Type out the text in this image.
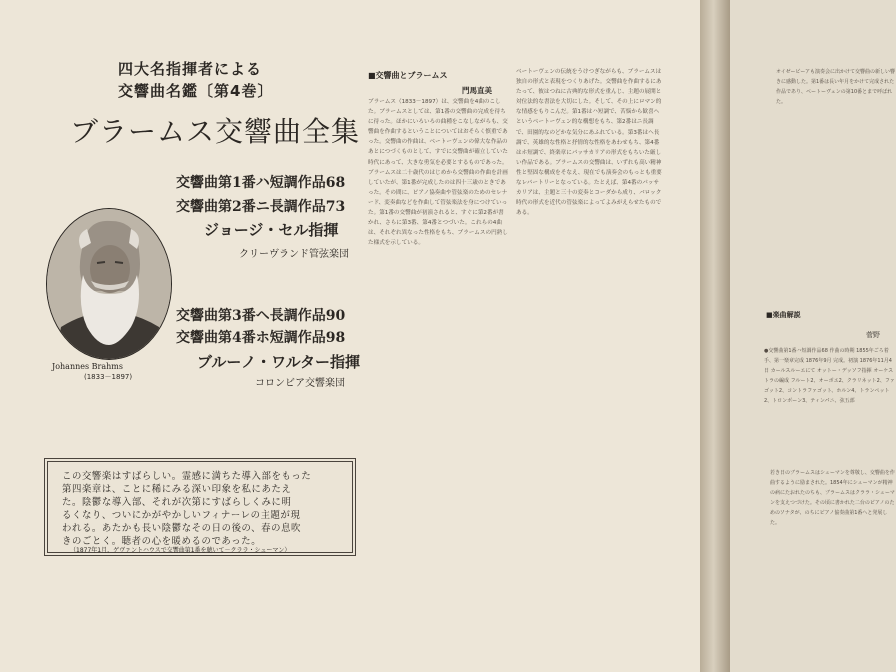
四大名指揮者による
交響曲名鑑〔第4巻〕
ブラームス交響曲全集
交響曲第1番ハ短調作品68
交響曲第2番ニ長調作品73
ジョージ・セル指揮
クリーヴランド管弦楽団
Johannes Brahms
(1833－1897)
交響曲第3番ヘ長調作品90
交響曲第4番ホ短調作品98
ブルーノ・ワルター指揮
コロンビア交響楽団
この交響楽はすばらしい。霊感に満ちた導入部をもった
第四楽章は、ことに稀にみる深い印象を私にあたえ
た。陰鬱な導入部、それが次第にすばらしくみに明
るくなり、ついにかがやかしいフィナーレの主題が現
われる。あたかも長い陰鬱なその日の後の、春の息吹
きのごとく。聴者の心を暖めるのであった。
（1877年1月、ゲヴァントハウスで交響曲第1番を聴いて－クララ・シューマン）
■交響曲とブラームス
門馬直美
ブラームス（1833－1897）は、交響曲を4曲のこした。ブラームスとしては、第1番の交響曲の完成を待ちに待った。ほかにいろいろの曲種をこなしながらも、交響曲を作曲するということについてはおそらく慎重であった。交響曲の作曲は、ベートーヴェンの偉大な作品のあとにつづくものとして、すでに交響曲が確立していた時代にあって、大きな勇気を必要とするものであった。ブラームスは二十歳代のはじめから交響曲の作曲を計画していたが、第1番が完成したのは四十三歳のときであった。その間に、ピアノ協奏曲や管弦楽のためのセレナード、変奏曲などを作曲して管弦楽法を身につけていった。第1番の交響曲が初演されると、すぐに第2番が書かれ、さらに第3番、第4番とつづいた。これらの4曲は、それぞれ異なった性格をもち、ブラームスの円熟した様式を示している。
ベートーヴェンの伝統をうけつぎながらも、ブラームスは独自の形式と表現をつくりあげた。交響曲を作曲するにあたって、彼はつねに古典的な形式を重んじ、主題の展開と対位法的な書法を大切にした。そして、その上にロマン的な情感をもりこんだ。第1番はハ短調で、苦悩から歓喜へというベートーヴェン的な構想をもち、第2番はニ長調で、田園的なのどかな気分にあふれている。第3番はヘ長調で、英雄的な性格と抒情的な性格をあわせもち、第4番はホ短調で、終楽章にパッサカリアの形式をもちいた厳しい作品である。ブラームスの交響曲は、いずれも高い精神性と堅固な構成をそなえ、現在でも演奏会のもっとも重要なレパートリーとなっている。たとえば、第4番のパッサカリアは、主題と三十の変奏とコーダから成り、バロック時代の形式を近代の管弦楽によってよみがえらせたものである。
オイゼービーアも演奏会に出かけて交響曲の新しい響きに感動した。第1番は長い年月をかけて完成された作品であり、ベートーヴェンの第10番とまで呼ばれた。
■楽曲解説
菅野
●交響曲第1番ハ短調作品68 作曲の時期 1855年ごろ着手、第一楽章完成 1876年9月 完成。初演 1876年11月4日 カールスルーエにて オットー・デッソフ指揮 オーケストラの編成 フルート2、オーボエ2、クラリネット2、ファゴット2、コントラファゴット、ホルン4、トランペット2、トロンボーン3、ティンパニ、弦五部
若き日のブラームスはシューマンを尊敬し、交響曲を作曲するように励まされた。1854年にシューマンが精神の病にたおれたのちも、ブラームスはクララ・シューマンを支えつづけた。その頃に書かれた二台のピアノのためのソナタが、のちにピアノ協奏曲第1番へと発展した。
